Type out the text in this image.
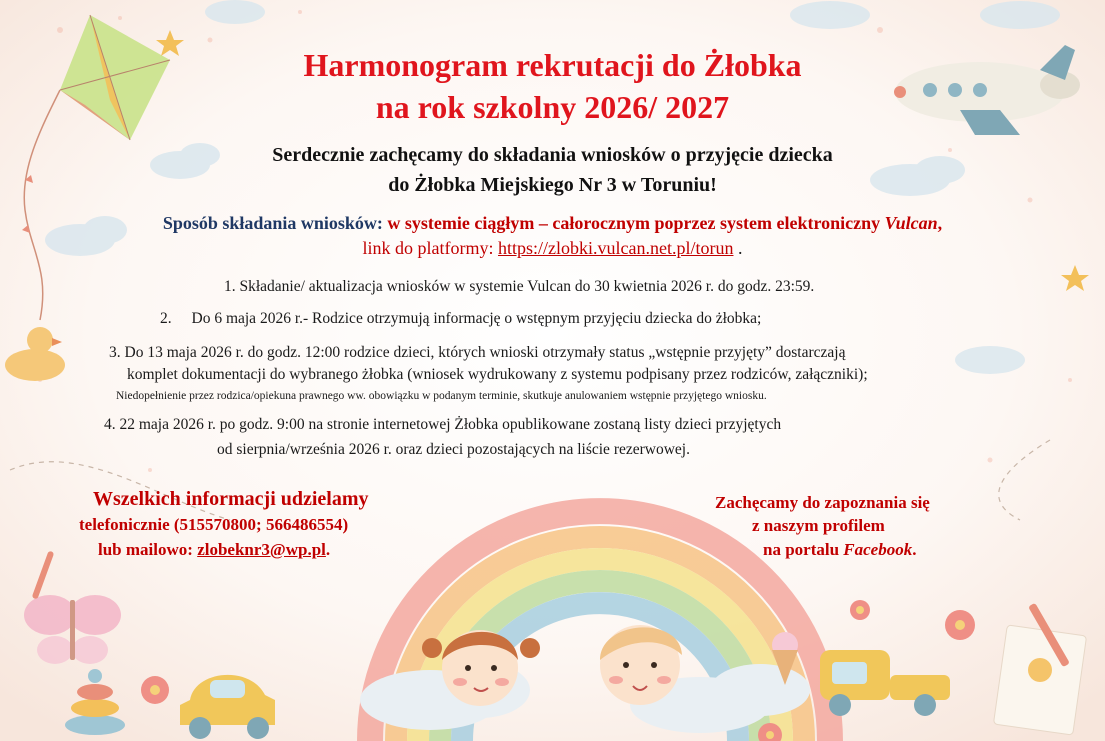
Harmonogram rekrutacji do Żłobka
na rok szkolny 2026/ 2027
Serdecznie zachęcamy do składania wniosków o przyjęcie dziecka
do Żłobka Miejskiego Nr 3 w Toruniu!
Sposób składania wniosków: w systemie ciągłym – całorocznym poprzez system elektroniczny Vulcan,
link do platformy: https://zlobki.vulcan.net.pl/torun .
1. Składanie/ aktualizacja wniosków w systemie Vulcan do 30 kwietnia 2026 r. do godz. 23:59.
2. Do 6 maja 2026 r.- Rodzice otrzymują informację o wstępnym przyjęciu dziecka do żłobka;
3. Do 13 maja 2026 r. do godz. 12:00 rodzice dzieci, których wnioski otrzymały status „wstępnie przyjęty” dostarczają
komplet dokumentacji do wybranego żłobka (wniosek wydrukowany z systemu podpisany przez rodziców, załączniki);
Niedopełnienie przez rodzica/opiekuna prawnego ww. obowiązku w podanym terminie, skutkuje anulowaniem wstępnie przyjętego wniosku.
4. 22 maja 2026 r. po godz. 9:00 na stronie internetowej Żłobka opublikowane zostaną listy dzieci przyjętych
od sierpnia/września 2026 r. oraz dzieci pozostających na liście rezerwowej.
Wszelkich informacji udzielamy
telefonicznie (515570800; 566486554)
lub mailowo: zlobeknr3@wp.pl.
Zachęcamy do zapoznania się
z naszym profilem
na portalu Facebook.
